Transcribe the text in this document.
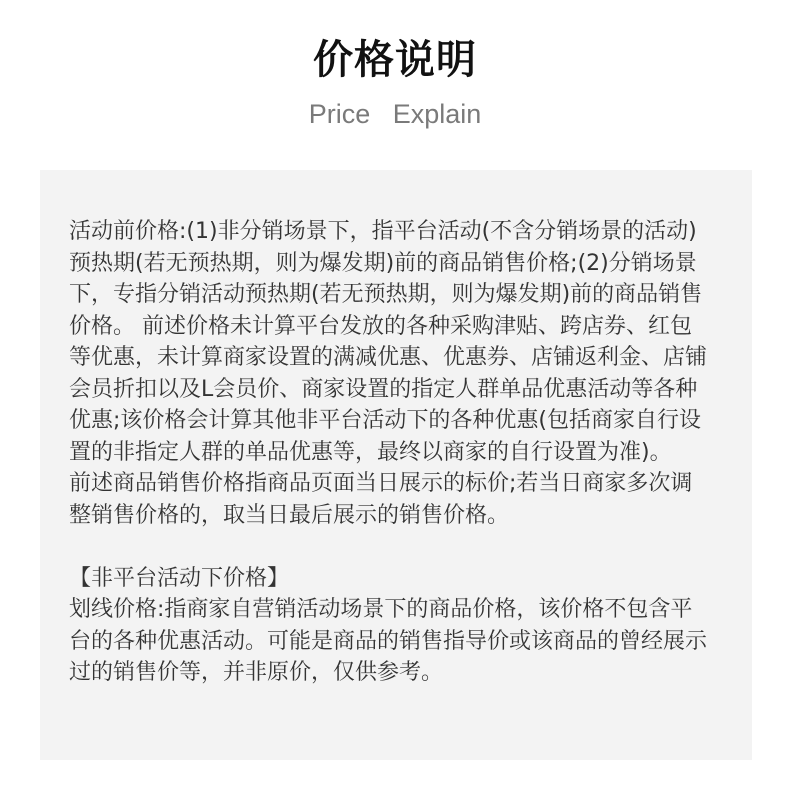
价格说明
Price   Explain

活动前价格:(1)非分销场景下，指平台活动(不含分销场景的活动)预热期(若无预热期，则为爆发期)前的商品销售价格;(2)分销场景下，专指分销活动预热期(若无预热期，则为爆发期)前的商品销售价格。 前述价格未计算平台发放的各种采购津贴、跨店券、红包等优惠，未计算商家设置的满减优惠、优惠券、店铺返利金、店铺会员折扣以及L会员价、商家设置的指定人群单品优惠活动等各种优惠;该价格会计算其他非平台活动下的各种优惠(包括商家自行设置的非指定人群的单品优惠等，最终以商家的自行设置为准)。

前述商品销售价格指商品页面当日展示的标价;若当日商家多次调整销售价格的，取当日最后展示的销售价格。

【非平台活动下价格】

划线价格:指商家自营销活动场景下的商品价格，该价格不包含平台的各种优惠活动。可能是商品的销售指导价或该商品的曾经展示过的销售价等，并非原价，仅供参考。
